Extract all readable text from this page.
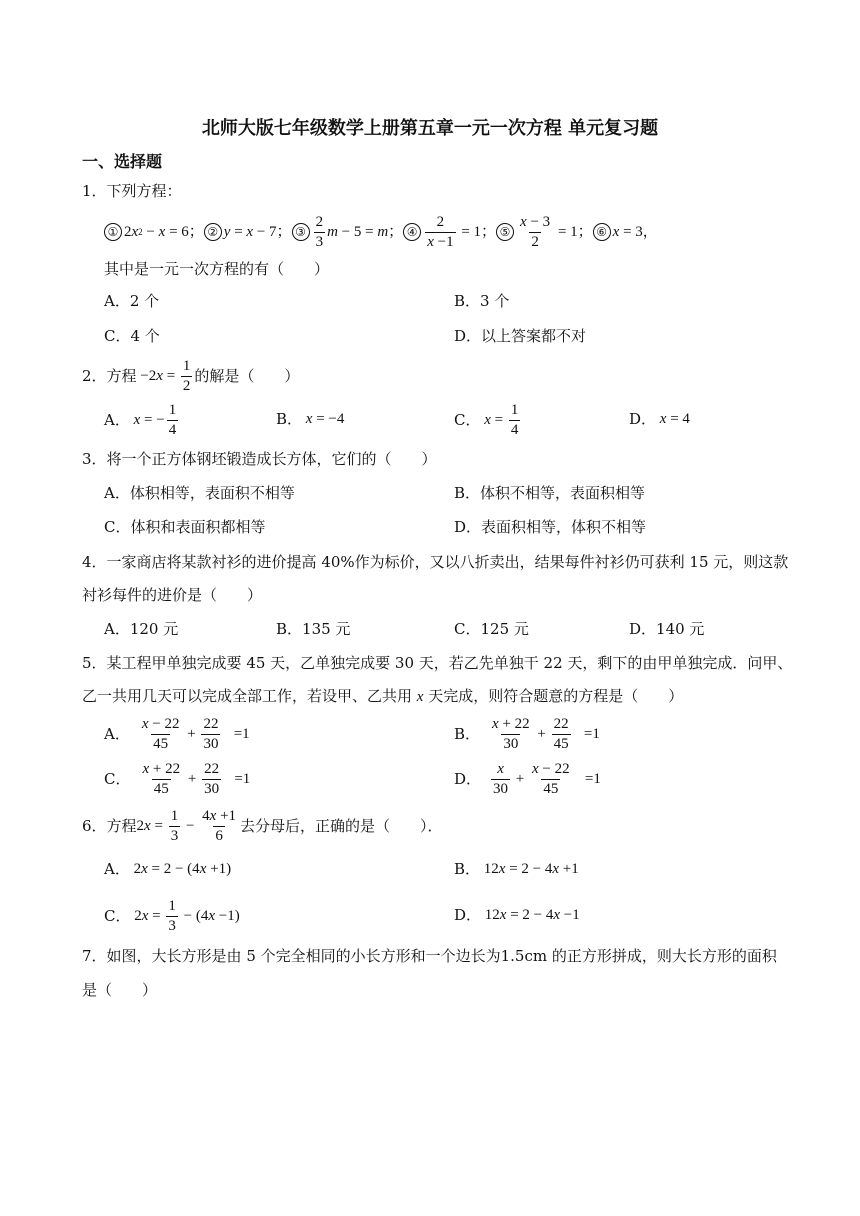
北师大版七年级数学上册第五章一元一次方程 单元复习题
一、选择题
1．下列方程：
① 2 x 2 − x = 6； ② y = x − 7； ③ $\frac{2}{3}$ m − 5 = m ； ④ $\frac{2}{x -1} = 1$； ⑤ $\frac{x - 3}{2} = 1$； ⑥ x = 3，
其中是一元一次方程的有（　　）
A．2 个	B．3 个
C．4 个	D．以上答案都不对
2．方程 −2 $x = \frac{1}{2}$ 的解是（　　）
A． x = − $\frac{1}{4}$	B． x = −4	C． $x = \frac{1}{4}$	D． x = 4
3．将一个正方体钢坯锻造成长方体，它们的（　　）
A．体积相等，表面积不相等	B．体积不相等，表面积相等
C．体积和表面积都相等	D．表面积相等，体积不相等
4．一家商店将某款衬衫的进价提高 40%作为标价，又以八折卖出，结果每件衬衫仍可获利 15 元，则这款
衬衫每件的进价是（　　）
A．120 元	B．135 元	C．125 元	D．140 元
5．某工程甲单独完成要 45 天，乙单独完成要 30 天，若乙先单独干 22 天，剩下的由甲单独完成．问甲、
乙一共用几天可以完成全部工作，若设甲、乙共用 x 天完成，则符合题意的方程是（　　）
A． $\frac{x - 22}{45} + \frac{22}{30} =1$	B． $\frac{x + 22}{30} + \frac{22}{45} =1$
C． $\frac{x + 22}{45} + \frac{22}{30} =1$	D． $\frac{x}{30} + \frac{x - 22}{45} =1$
6．方程 2 $x = \frac{1}{3} - \frac{4x +1}{6}$ 去分母后，正确的是（　　）．
A． 2 x = 2 − (4 x +1)	B． 12 x = 2 − 4 x +1
C． 2 $x = \frac{1}{3} - (4$ x −1)	D． 12 x = 2 − 4 x −1
7．如图，大长方形是由 5 个完全相同的小长方形和一个边长为1.5cm 的正方形拼成，则大长方形的面积
是（　　）
